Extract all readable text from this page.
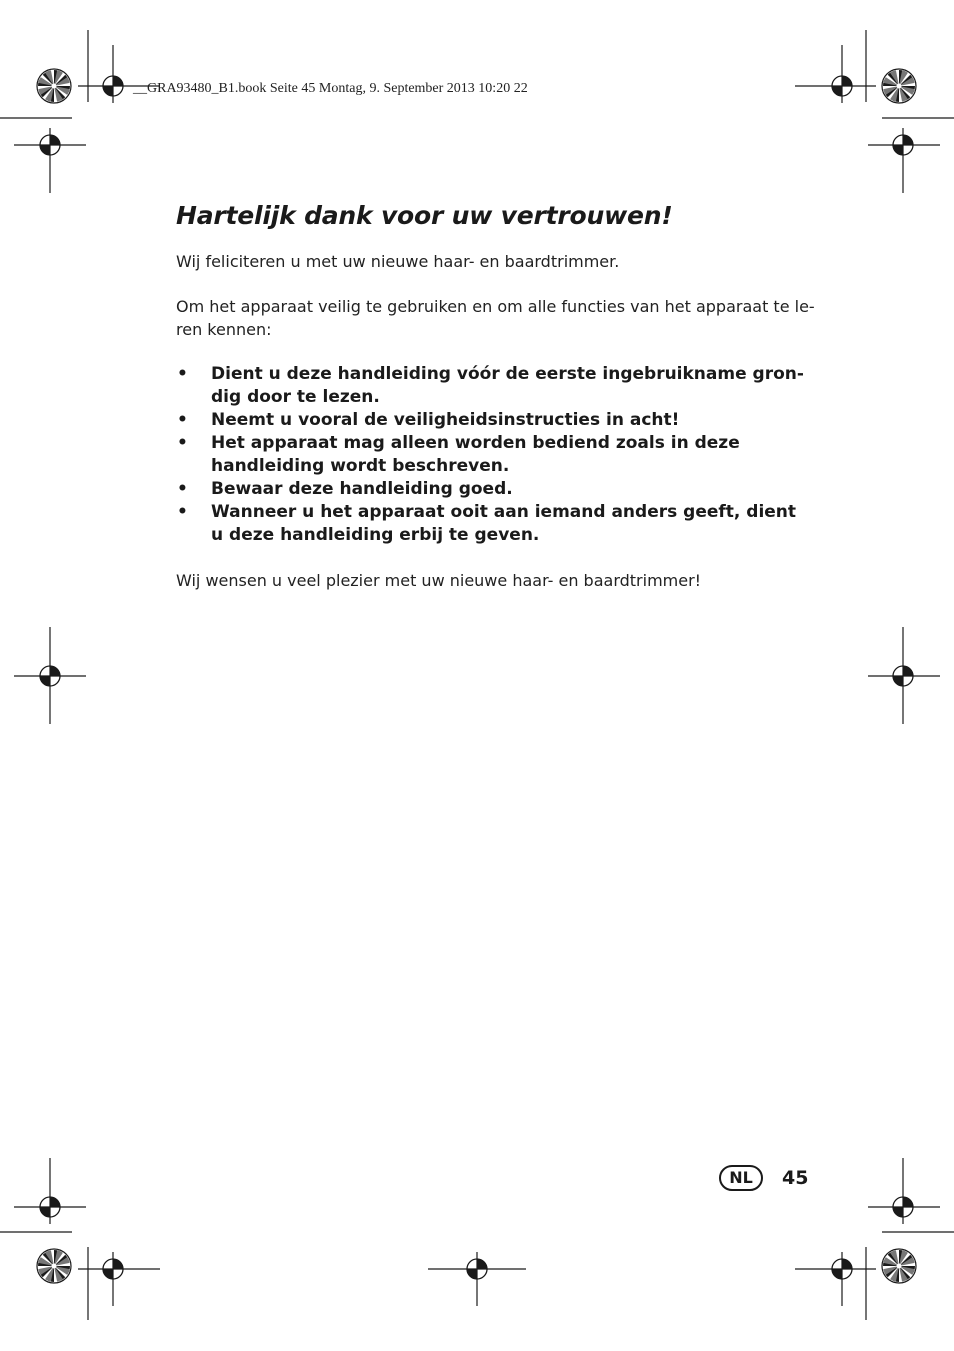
__GRA93480_B1.book Seite 45 Montag, 9. September 2013 10:20 22
Hartelijk dank voor uw vertrouwen!

Wij feliciteren u met uw nieuwe haar- en baardtrimmer.

Om het apparaat veilig te gebruiken en om alle functies van het apparaat te le-
ren kennen:

• Dient u deze handleiding vóór de eerste ingebruikname gron-
dig door te lezen.
• Neemt u vooral de veiligheidsinstructies in acht!
• Het apparaat mag alleen worden bediend zoals in deze
handleiding wordt beschreven.
• Bewaar deze handleiding goed.
• Wanneer u het apparaat ooit aan iemand anders geeft, dient
u deze handleiding erbij te geven.

Wij wensen u veel plezier met uw nieuwe haar- en baardtrimmer!

NL	45
